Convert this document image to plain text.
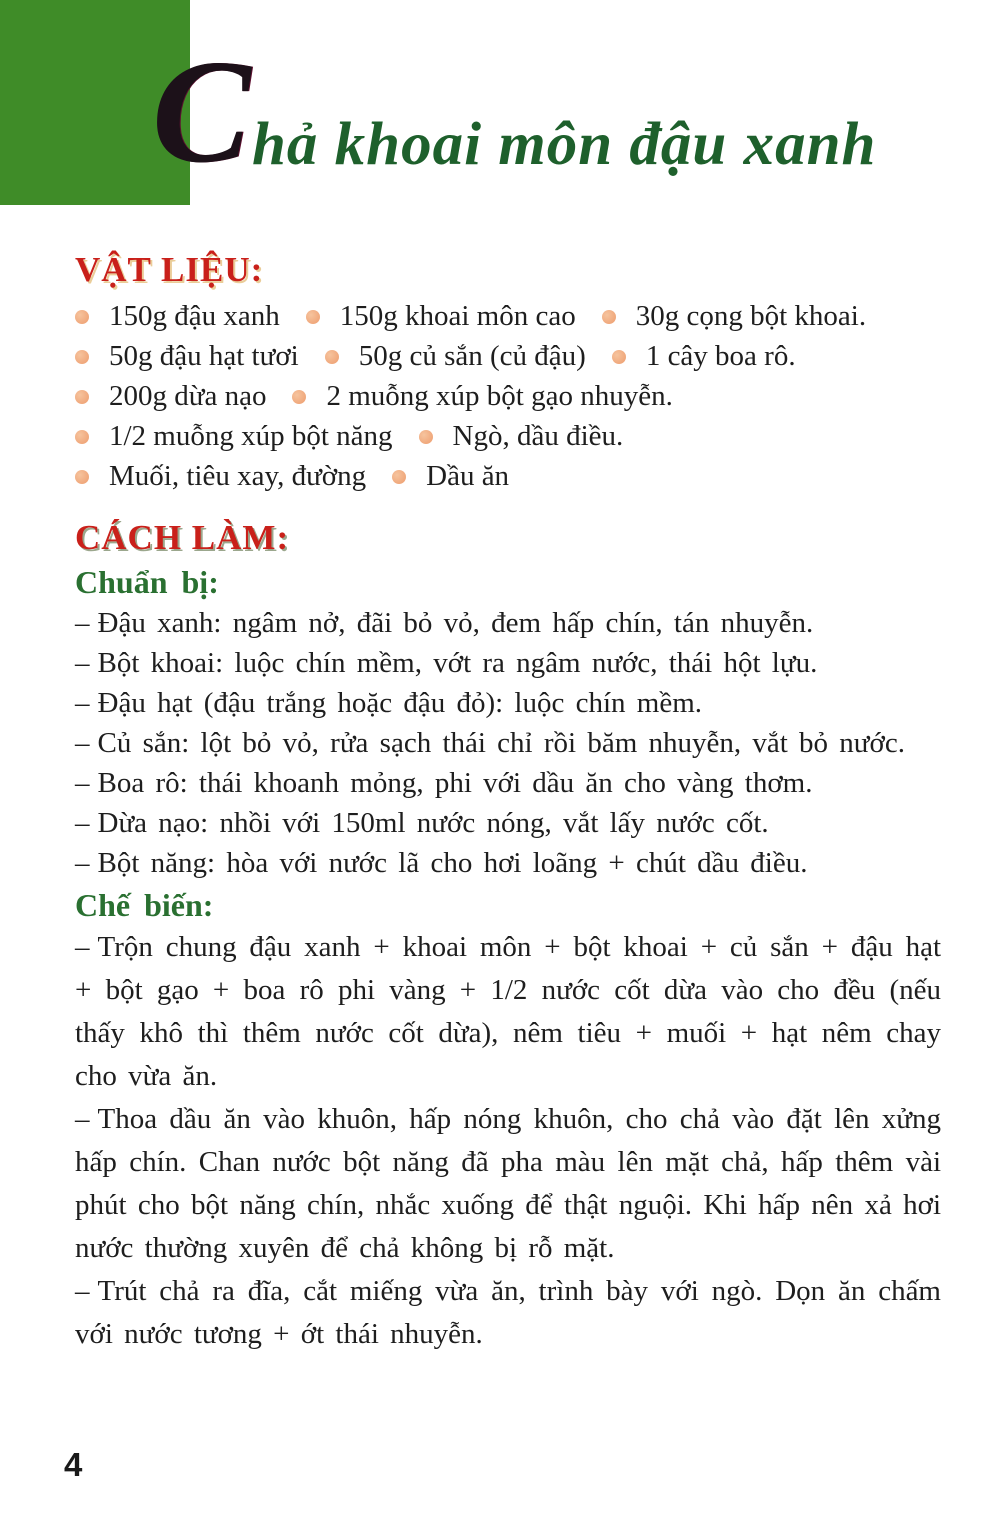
C hả khoai môn đậu xanh
VẬT LIỆU:
150g đậu xanh 150g khoai môn cao 30g cọng bột khoai.
50g đậu hạt tươi 50g củ sắn (củ đậu) 1 cây boa rô.
200g dừa nạo 2 muỗng xúp bột gạo nhuyễn.
1/2 muỗng xúp bột năng Ngò, dầu điều.
Muối, tiêu xay, đường Dầu ăn
CÁCH LÀM:
Chuẩn bị:

– Đậu xanh: ngâm nở, đãi bỏ vỏ, đem hấp chín, tán nhuyễn.

– Bột khoai: luộc chín mềm, vớt ra ngâm nước, thái hột lựu.

– Đậu hạt (đậu trắng hoặc đậu đỏ): luộc chín mềm.

– Củ sắn: lột bỏ vỏ, rửa sạch thái chỉ rồi băm nhuyễn, vắt bỏ nước.

– Boa rô: thái khoanh mỏng, phi với dầu ăn cho vàng thơm.

– Dừa nạo: nhồi với 150ml nước nóng, vắt lấy nước cốt.

– Bột năng: hòa với nước lã cho hơi loãng + chút dầu điều.

Chế biến:

– Trộn chung đậu xanh + khoai môn + bột khoai + củ sắn + đậu hạt + bột gạo + boa rô phi vàng + 1/2 nước cốt dừa vào cho đều (nếu thấy khô thì thêm nước cốt dừa), nêm tiêu + muối + hạt nêm chay cho vừa ăn.

– Thoa dầu ăn vào khuôn, hấp nóng khuôn, cho chả vào đặt lên xửng hấp chín. Chan nước bột năng đã pha màu lên mặt chả, hấp thêm vài phút cho bột năng chín, nhắc xuống để thật nguội. Khi hấp nên xả hơi nước thường xuyên để chả không bị rỗ mặt.

– Trút chả ra đĩa, cắt miếng vừa ăn, trình bày với ngò. Dọn ăn chấm với nước tương + ớt thái nhuyễn.

4
